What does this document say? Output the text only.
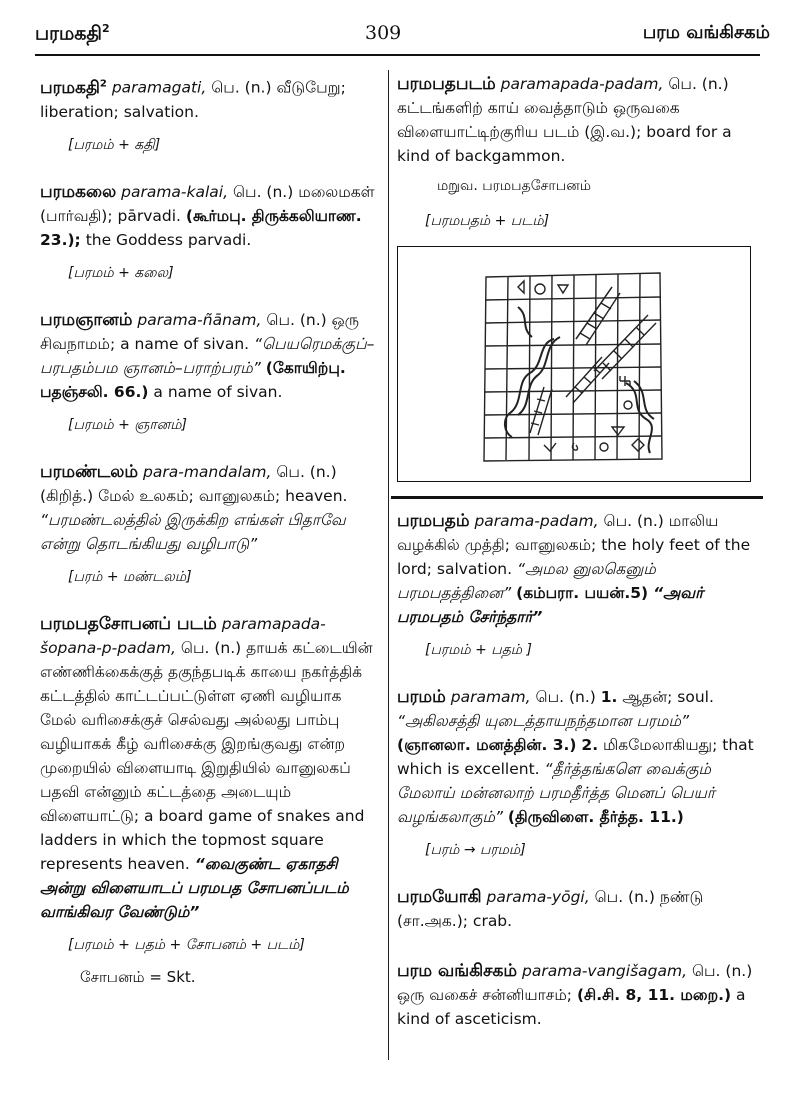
பரமகதி$^2$	309	பரம வங்கிசகம்
பரமகதி$^2$ paramagati, பெ. (n.) வீடுபேறு; liberation; salvation.
[பரமம் + கதி]
பரமகலை parama-kalai, பெ. (n.) மலைமகள் (பார்வதி); pārvadi. (கூர்மபு. திருக்கலியாண. 23.); the Goddess parvadi.
[பரமம் + கலை]
பரமஞானம் parama-ñānam, பெ. (n.) ஒரு சிவநாமம்; a name of sivan. “பெயரெமக்குப்–பரபதம்பம ஞானம்–பராற்பரம்” (கோயிற்பு. பதஞ்சலி. 66.) a name of sivan.
[பரமம் + ஞானம்]
பரமண்டலம் para-mandalam, பெ. (n.) (கிறித்.) மேல் உலகம்; வானுலகம்; heaven. “பரமண்டலத்தில் இருக்கிற எங்கள் பிதாவே என்று தொடங்கியது வழிபாடு”
[பரம் + மண்டலம்]
பரமபதசோபனப் படம் paramapada-šopana-p-padam, பெ. (n.) தாயக் கட்டையின் எண்ணிக்கைக்குத் தகுந்தபடிக் காயை நகர்த்திக் கட்டத்தில் காட்டப்பட்டுள்ள ஏணி வழியாக மேல் வரிசைக்குச் செல்வது அல்லது பாம்பு வழியாகக் கீழ் வரிசைக்கு இறங்குவது என்ற முறையில் விளையாடி இறுதியில் வானுலகப் பதவி என்னும் கட்டத்தை அடையும் விளையாட்டு; a board game of snakes and ladders in which the topmost square represents heaven. “வைகுண்ட ஏகாதசி அன்று விளையாடப் பரமபத சோபனப்படம் வாங்கிவர வேண்டும்”
[பரமம் + பதம் + சோபனம் + படம்]
சோபனம் = Skt.
பரமபதபடம் paramapada-padam, பெ. (n.) கட்டங்களிற் காய் வைத்தாடும் ஒருவகை விளையாட்டிற்குரிய படம் (இ.வ.); board for a kind of backgammon.
மறுவ. பரமபதசோபனம்
[பரமபதம் + படம்]
பரமபதம் parama-padam, பெ. (n.) மாலிய வழக்கில் முத்தி; வானுலகம்; the holy feet of the lord; salvation. “அமல னுலகெனும் பரமபதத்தினை” (கம்பரா. பயன்.5) “அவர் பரமபதம் சேர்ந்தார்”
[பரமம் + பதம் ]
பரமம் paramam, பெ. (n.) 1. ஆதன்; soul. “அகிலசத்தி யுடைத்தாயநந்தமான பரமம்” (ஞானலா. மனத்தின். 3.) 2. மிகமேலாகியது; that which is excellent. “தீர்த்தங்களெ வைக்கும் மேலாய் மன்னலாற் பரமதீர்த்த மெனப் பெயர் வழங்கலாகும்” (திருவிளை. தீர்த்த. 11.)
[பரம் → பரமம்]
பரமயோகி parama-yōgi, பெ. (n.) நண்டு (சா.அக.); crab.
பரம வங்கிசகம் parama-vangišagam, பெ. (n.) ஒரு வகைச் சன்னியாசம்; (சி.சி. 8, 11. மறை.) a kind of asceticism.
